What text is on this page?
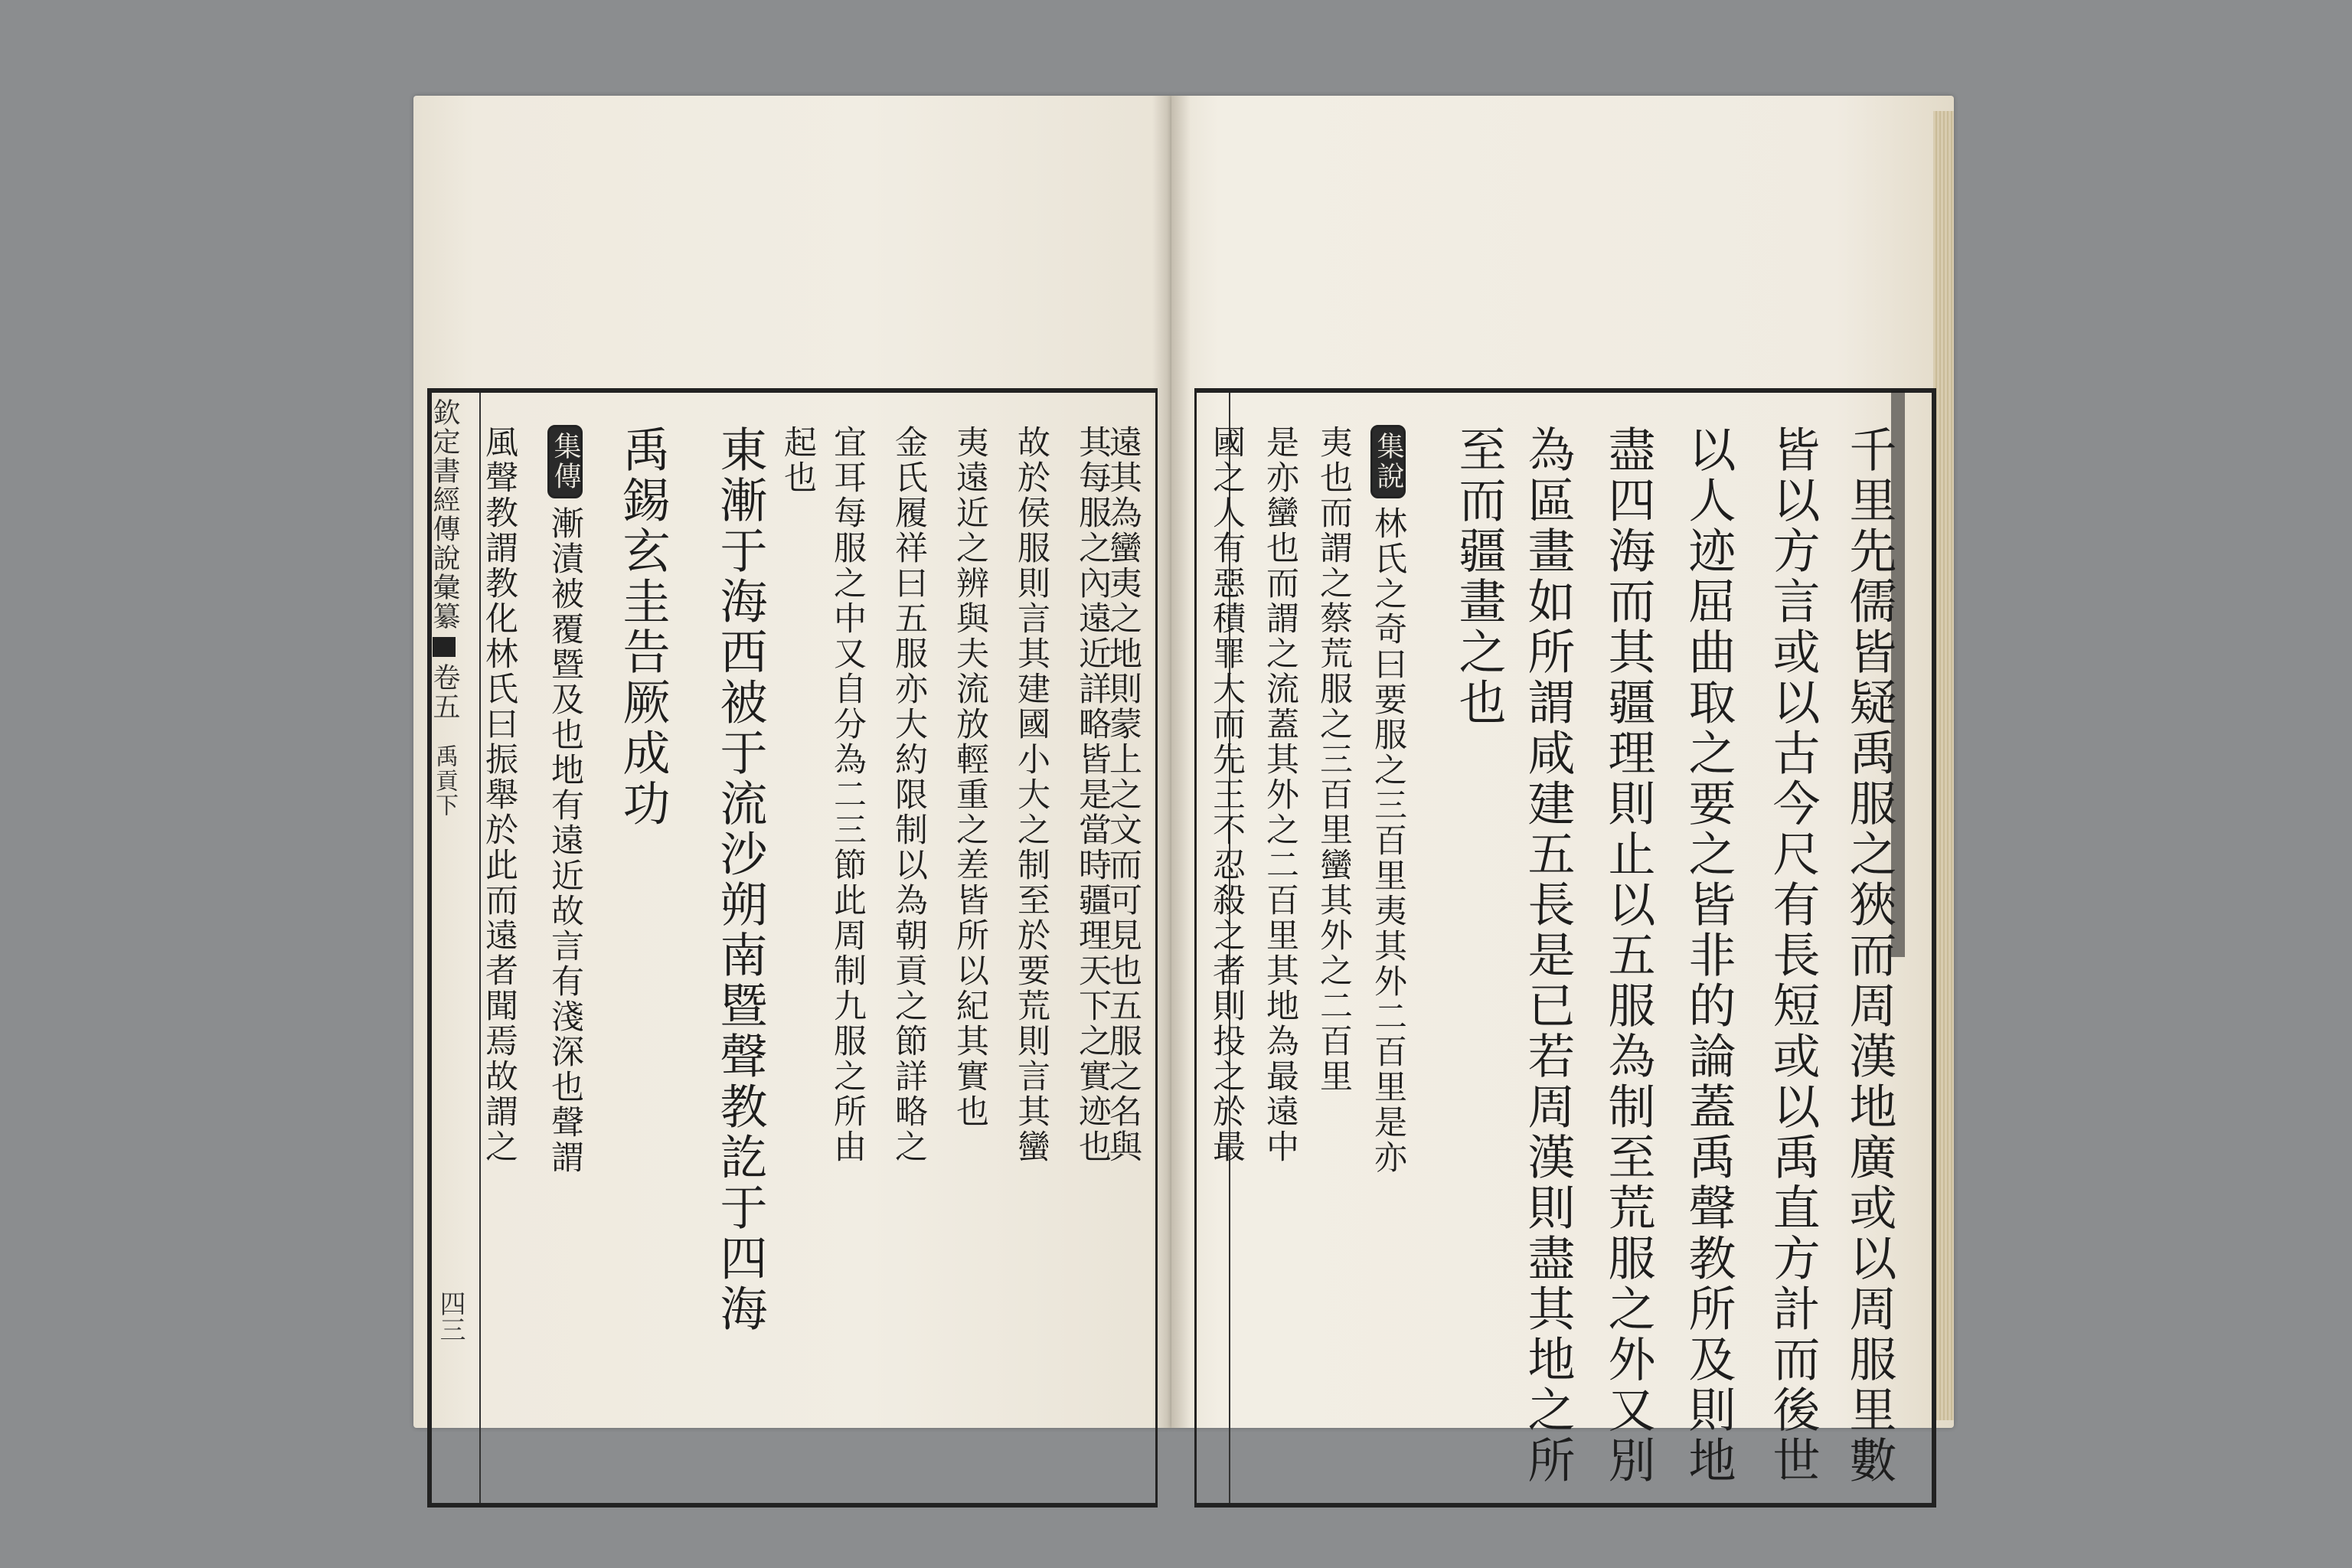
欽定書經傳說彙纂卷五禹貢下
四三
風聲教謂教化林氏曰振舉於此而遠者聞焉故謂之 集傳漸漬被覆暨及也地有遠近故言有淺深也聲謂 禹錫玄圭告厥成功 東漸于海西被于流沙朔南暨聲教訖于四海 起也 宜耳每服之中又自分為二三節此周制九服之所由 金氏履祥曰五服亦大約限制以為朝貢之節詳略之 夷遠近之辨與夫流放輕重之差皆所以紀其實也 故於侯服則言其建國小大之制至於要荒則言其蠻 其每服之內遠近詳略皆是當時疆理天下之實迹也
遠其為蠻夷之地則蒙上之文而可見也五服之名與 國之人有惡積罪大而先王不忍殺之者則投之於最 是亦蠻也而謂之流蓋其外之二百里其地為最遠中 夷也而謂之蔡荒服之三百里蠻其外之二百里 集說林氏之奇曰要服之三百里夷其外二百里是亦 至而疆畫之也 為區畫如所謂咸建五長是已若周漢則盡其地之所 盡四海而其疆理則止以五服為制至荒服之外又別 以人迹屈曲取之要之皆非的論蓋禹聲教所及則地 皆以方言或以古今尺有長短或以禹直方計而後世 千里先儒皆疑禹服之狹而周漢地廣或以周服里數
